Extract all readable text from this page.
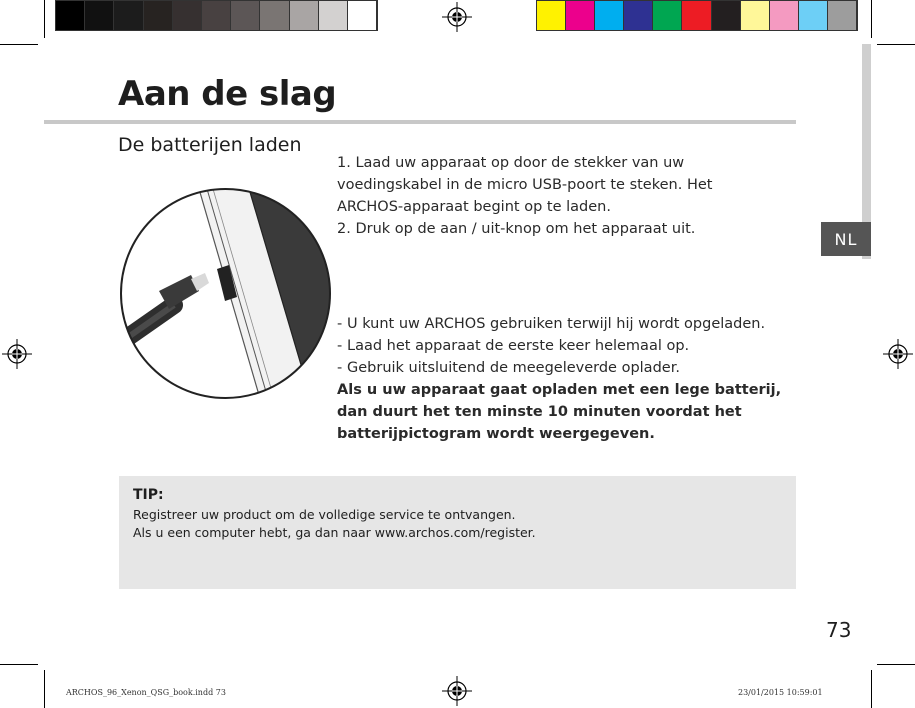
NL
Aan de slag
De batterijen laden

1. Laad uw apparaat op door de stekker van uw voedingskabel in de micro USB-poort te steken. Het ARCHOS-apparaat begint op te laden.

2. Druk op de aan / uit-knop om het apparaat uit.

- U kunt uw ARCHOS gebruiken terwijl hij wordt opgeladen.
- Laad het apparaat de eerste keer helemaal op.
- Gebruik uitsluitend de meegeleverde oplader.

Als u uw apparaat gaat opladen met een lege batterij, dan duurt het ten minste 10 minuten voordat het batterijpictogram wordt weergegeven.

TIP:

Registreer uw product om de volledige service te ontvangen.

Als u een computer hebt, ga dan naar www.archos.com/register.

73
ARCHOS_96_Xenon_QSG_book.indd 73	23/01/2015 10:59:01
